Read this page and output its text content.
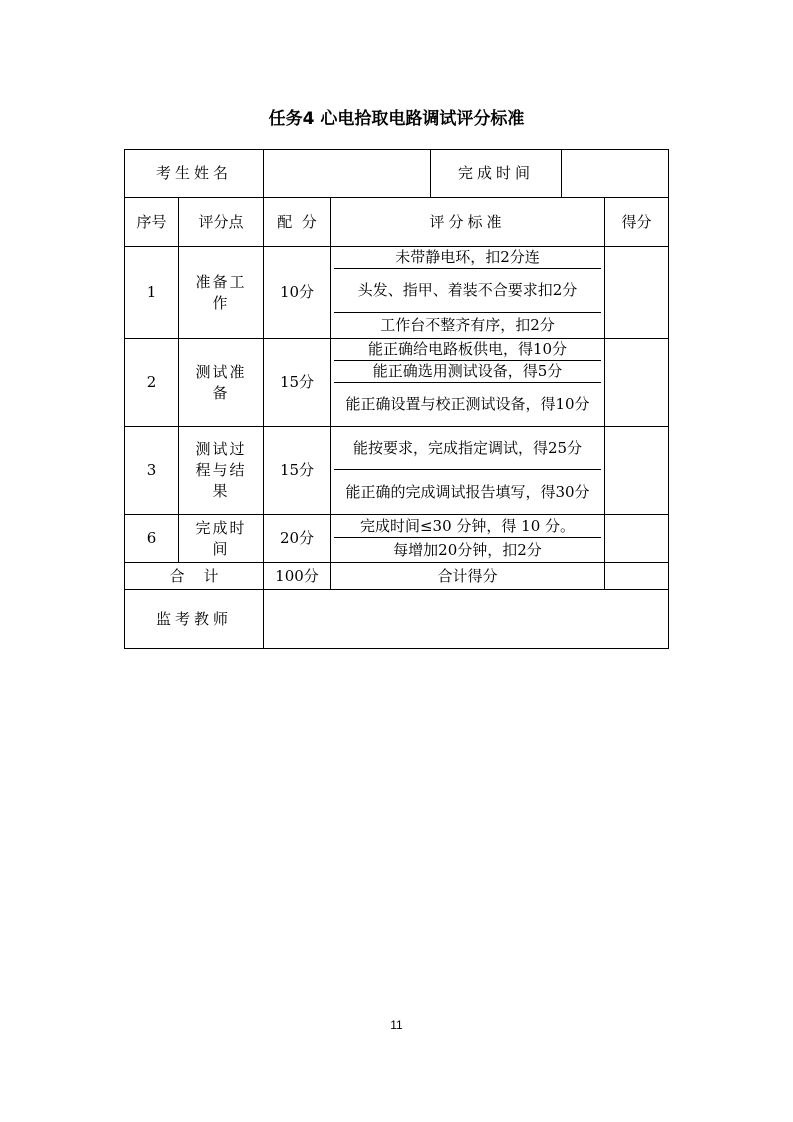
任务4 心电拾取电路调试评分标准
考生姓名				完成时间		
序号	评分点	配  分	评分标准			得分
1	准备工作	10分	未带静电环，扣2分连
头发、指甲、着装不合要求扣2分
工作台不整齐有序，扣2分			

2	测试准备	15分	能正确给电路板供电，得10分
能正确选用测试设备，得5分
能正确设置与校正测试设备，得10分			

3	测试过程与结果	15分	能按要求，完成指定调试，得25分
能正确的完成调试报告填写，得30分			

6	完成时间	20分	完成时间≤30 分钟，得 10 分。
每增加20分钟，扣2分			

合    计		100分	合计得分			
监考教师						
11
